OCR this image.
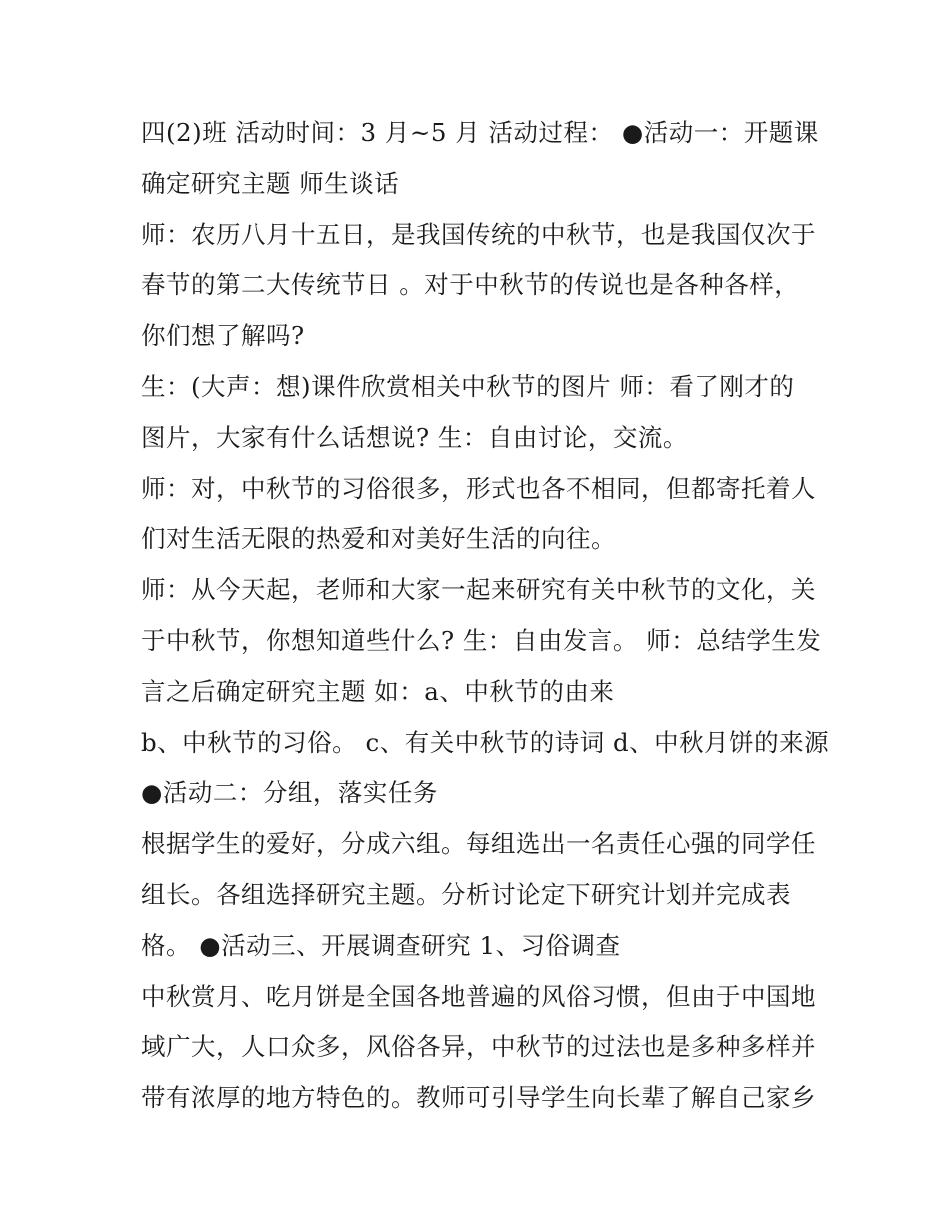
四(2)班 活动时间：3 月~5 月 活动过程： ●活动一：开题课
确定研究主题 师生谈话
师：农历八月十五日，是我国传统的中秋节，也是我国仅次于
春节的第二大传统节日 。对于中秋节的传说也是各种各样，
你们想了解吗?
生：(大声：想)课件欣赏相关中秋节的图片 师：看了刚才的
图片，大家有什么话想说? 生：自由讨论，交流。
师：对，中秋节的习俗很多，形式也各不相同，但都寄托着人
们对生活无限的热爱和对美好生活的向往。
师：从今天起，老师和大家一起来研究有关中秋节的文化，关
于中秋节，你想知道些什么? 生：自由发言。 师：总结学生发
言之后确定研究主题 如：a、中秋节的由来
b、中秋节的习俗。 c、有关中秋节的诗词 d、中秋月饼的来源
●活动二：分组，落实任务
根据学生的爱好，分成六组。每组选出一名责任心强的同学任
组长。各组选择研究主题。分析讨论定下研究计划并完成表
格。 ●活动三、开展调查研究 1、习俗调查
中秋赏月、吃月饼是全国各地普遍的风俗习惯，但由于中国地
域广大，人口众多，风俗各异，中秋节的过法也是多种多样并
带有浓厚的地方特色的。教师可引导学生向长辈了解自己家乡
